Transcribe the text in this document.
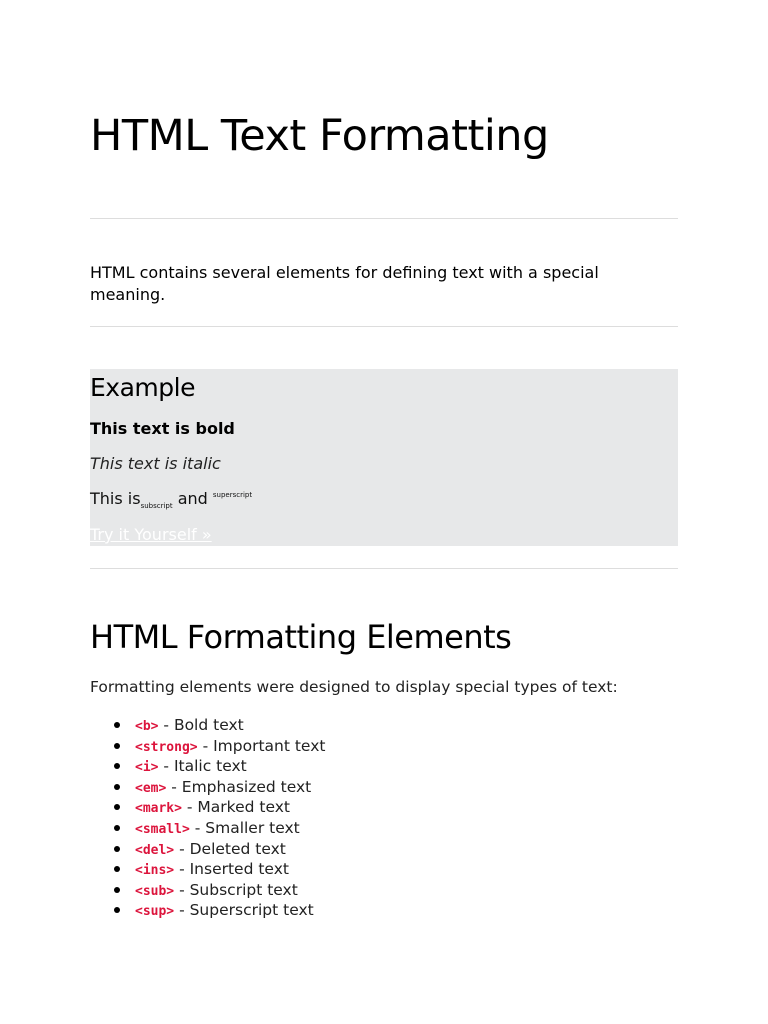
HTML Text Formatting

HTML contains several elements for defining text with a special meaning.

Example

This text is bold

This text is italic

This $is_{subscript}$ and $^{superscript}$

Try it Yourself »
HTML Formatting Elements

Formatting elements were designed to display special types of text:

<b> - Bold text
<strong> - Important text
<i> - Italic text
<em> - Emphasized text
<mark> - Marked text
<small> - Smaller text
<del> - Deleted text
<ins> - Inserted text
<sub> - Subscript text
<sup> - Superscript text
